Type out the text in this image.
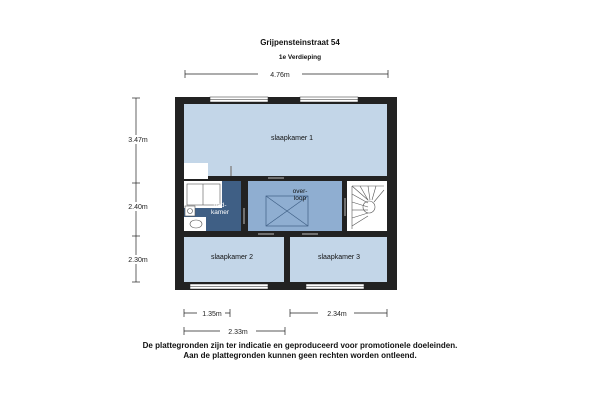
Grijpensteinstraat 54
1e Verdieping
4.76m
3.47m
2.40m
2.30m
1.35m	2.34m
2.33m
slaapkamer 1
bad-
kamer
over-
loop
slaapkamer 2	slaapkamer 3
De plattegronden zijn ter indicatie en geproduceerd voor promotionele doeleinden.
Aan de plattegronden kunnen geen rechten worden ontleend.
